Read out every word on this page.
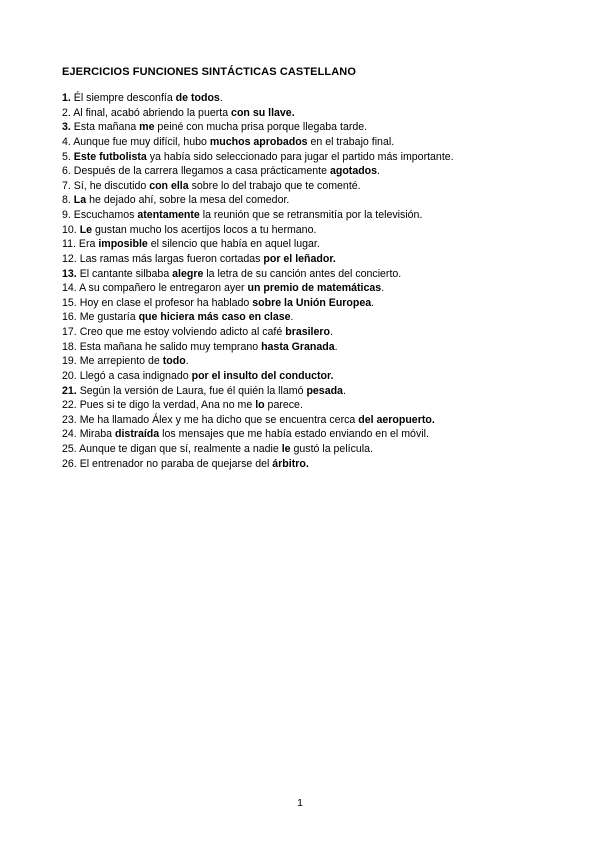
EJERCICIOS FUNCIONES SINTÁCTICAS CASTELLANO
1. Él siempre desconfía de todos.
2. Al final, acabó abriendo la puerta con su llave.
3. Esta mañana me peiné con mucha prisa porque llegaba tarde.
4. Aunque fue muy difícil, hubo muchos aprobados en el trabajo final.
5. Este futbolista ya había sido seleccionado para jugar el partido más importante.
6. Después de la carrera llegamos a casa prácticamente agotados.
7. Sí, he discutido con ella sobre lo del trabajo que te comenté.
8. La he dejado ahí, sobre la mesa del comedor.
9. Escuchamos atentamente la reunión que se retransmitía por la televisión.
10. Le gustan mucho los acertijos locos a tu hermano.
11. Era imposible el silencio que había en aquel lugar.
12. Las ramas más largas fueron cortadas por el leñador.
13. El cantante silbaba alegre la letra de su canción antes del concierto.
14. A su compañero le entregaron ayer un premio de matemáticas.
15. Hoy en clase el profesor ha hablado sobre la Unión Europea.
16. Me gustaría que hiciera más caso en clase.
17. Creo que me estoy volviendo adicto al café brasilero.
18. Esta mañana he salido muy temprano hasta Granada.
19. Me arrepiento de todo.
20. Llegó a casa indignado por el insulto del conductor.
21. Según la versión de Laura, fue él quién la llamó pesada.
22. Pues si te digo la verdad, Ana no me lo parece.
23. Me ha llamado Álex y me ha dicho que se encuentra cerca del aeropuerto.
24. Miraba distraída los mensajes que me había estado enviando en el móvil.
25. Aunque te digan que sí, realmente a nadie le gustó la película.
26. El entrenador no paraba de quejarse del árbitro.
1
